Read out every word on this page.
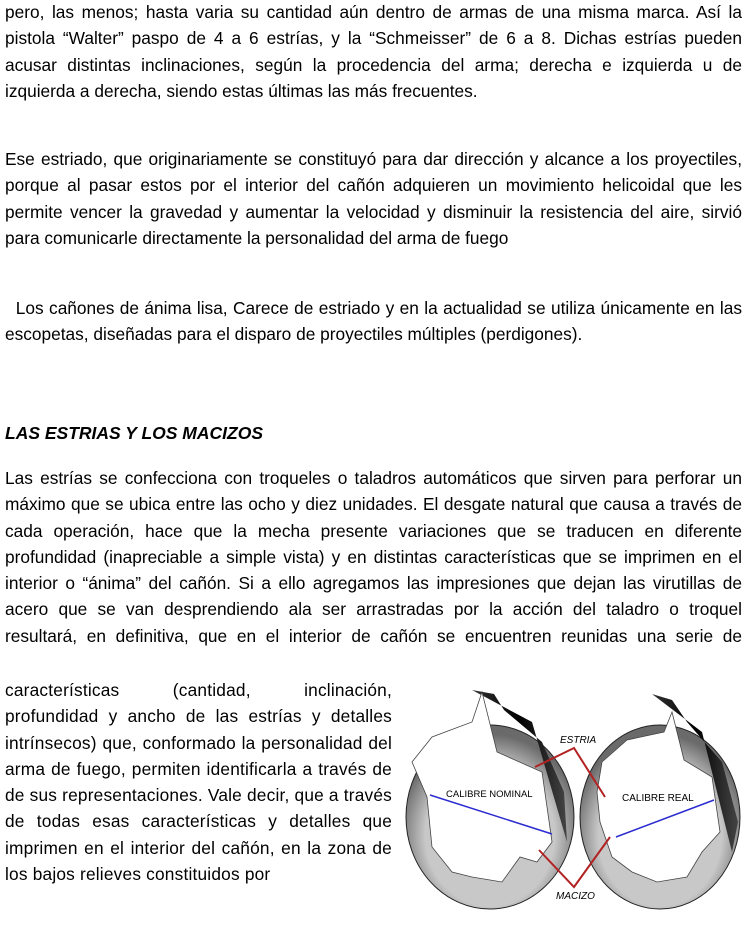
pero, las menos; hasta varia su cantidad aún dentro de armas de una misma marca. Así la pistola “Walter” paspo de 4 a 6 estrías, y la “Schmeisser” de 6 a 8. Dichas estrías pueden acusar distintas inclinaciones, según la procedencia del arma; derecha e izquierda u de izquierda a derecha, siendo estas últimas las más frecuentes.

Ese estriado, que originariamente se constituyó para dar dirección y alcance a los proyectiles, porque al pasar estos por el interior del cañón adquieren un movimiento helicoidal que les permite vencer la gravedad y aumentar la velocidad y disminuir la resistencia del aire, sirvió para comunicarle directamente la personalidad del arma de fuego

Los cañones de ánima lisa, Carece de estriado y en la actualidad se utiliza únicamente en las escopetas, diseñadas para el disparo de proyectiles múltiples (perdigones).

LAS ESTRIAS Y LOS MACIZOS

Las estrías se confecciona con troqueles o taladros automáticos que sirven para perforar un máximo que se ubica entre las ocho y diez unidades. El desgate natural que causa a través de cada operación, hace que la mecha presente variaciones que se traducen en diferente profundidad (inapreciable a simple vista) y en distintas características que se imprimen en el interior o “ánima” del cañón. Si a ello agregamos las impresiones que dejan las virutillas de acero que se van desprendiendo ala ser arrastradas por la acción del taladro o troquel resultará, en definitiva, que en el interior de cañón se encuentren reunidas una serie de

características (cantidad, inclinación, profundidad y ancho de las estrías y detalles intrínsecos) que, conformado la personalidad del arma de fuego, permiten identificarla a través de de sus representaciones. Vale decir, que a través de todas esas características y detalles que imprimen en el interior del cañón, en la zona de los bajos relieves constituidos por

ESTRIA
MACIZO
CALIBRE NOMINAL	CALIBRE REAL
